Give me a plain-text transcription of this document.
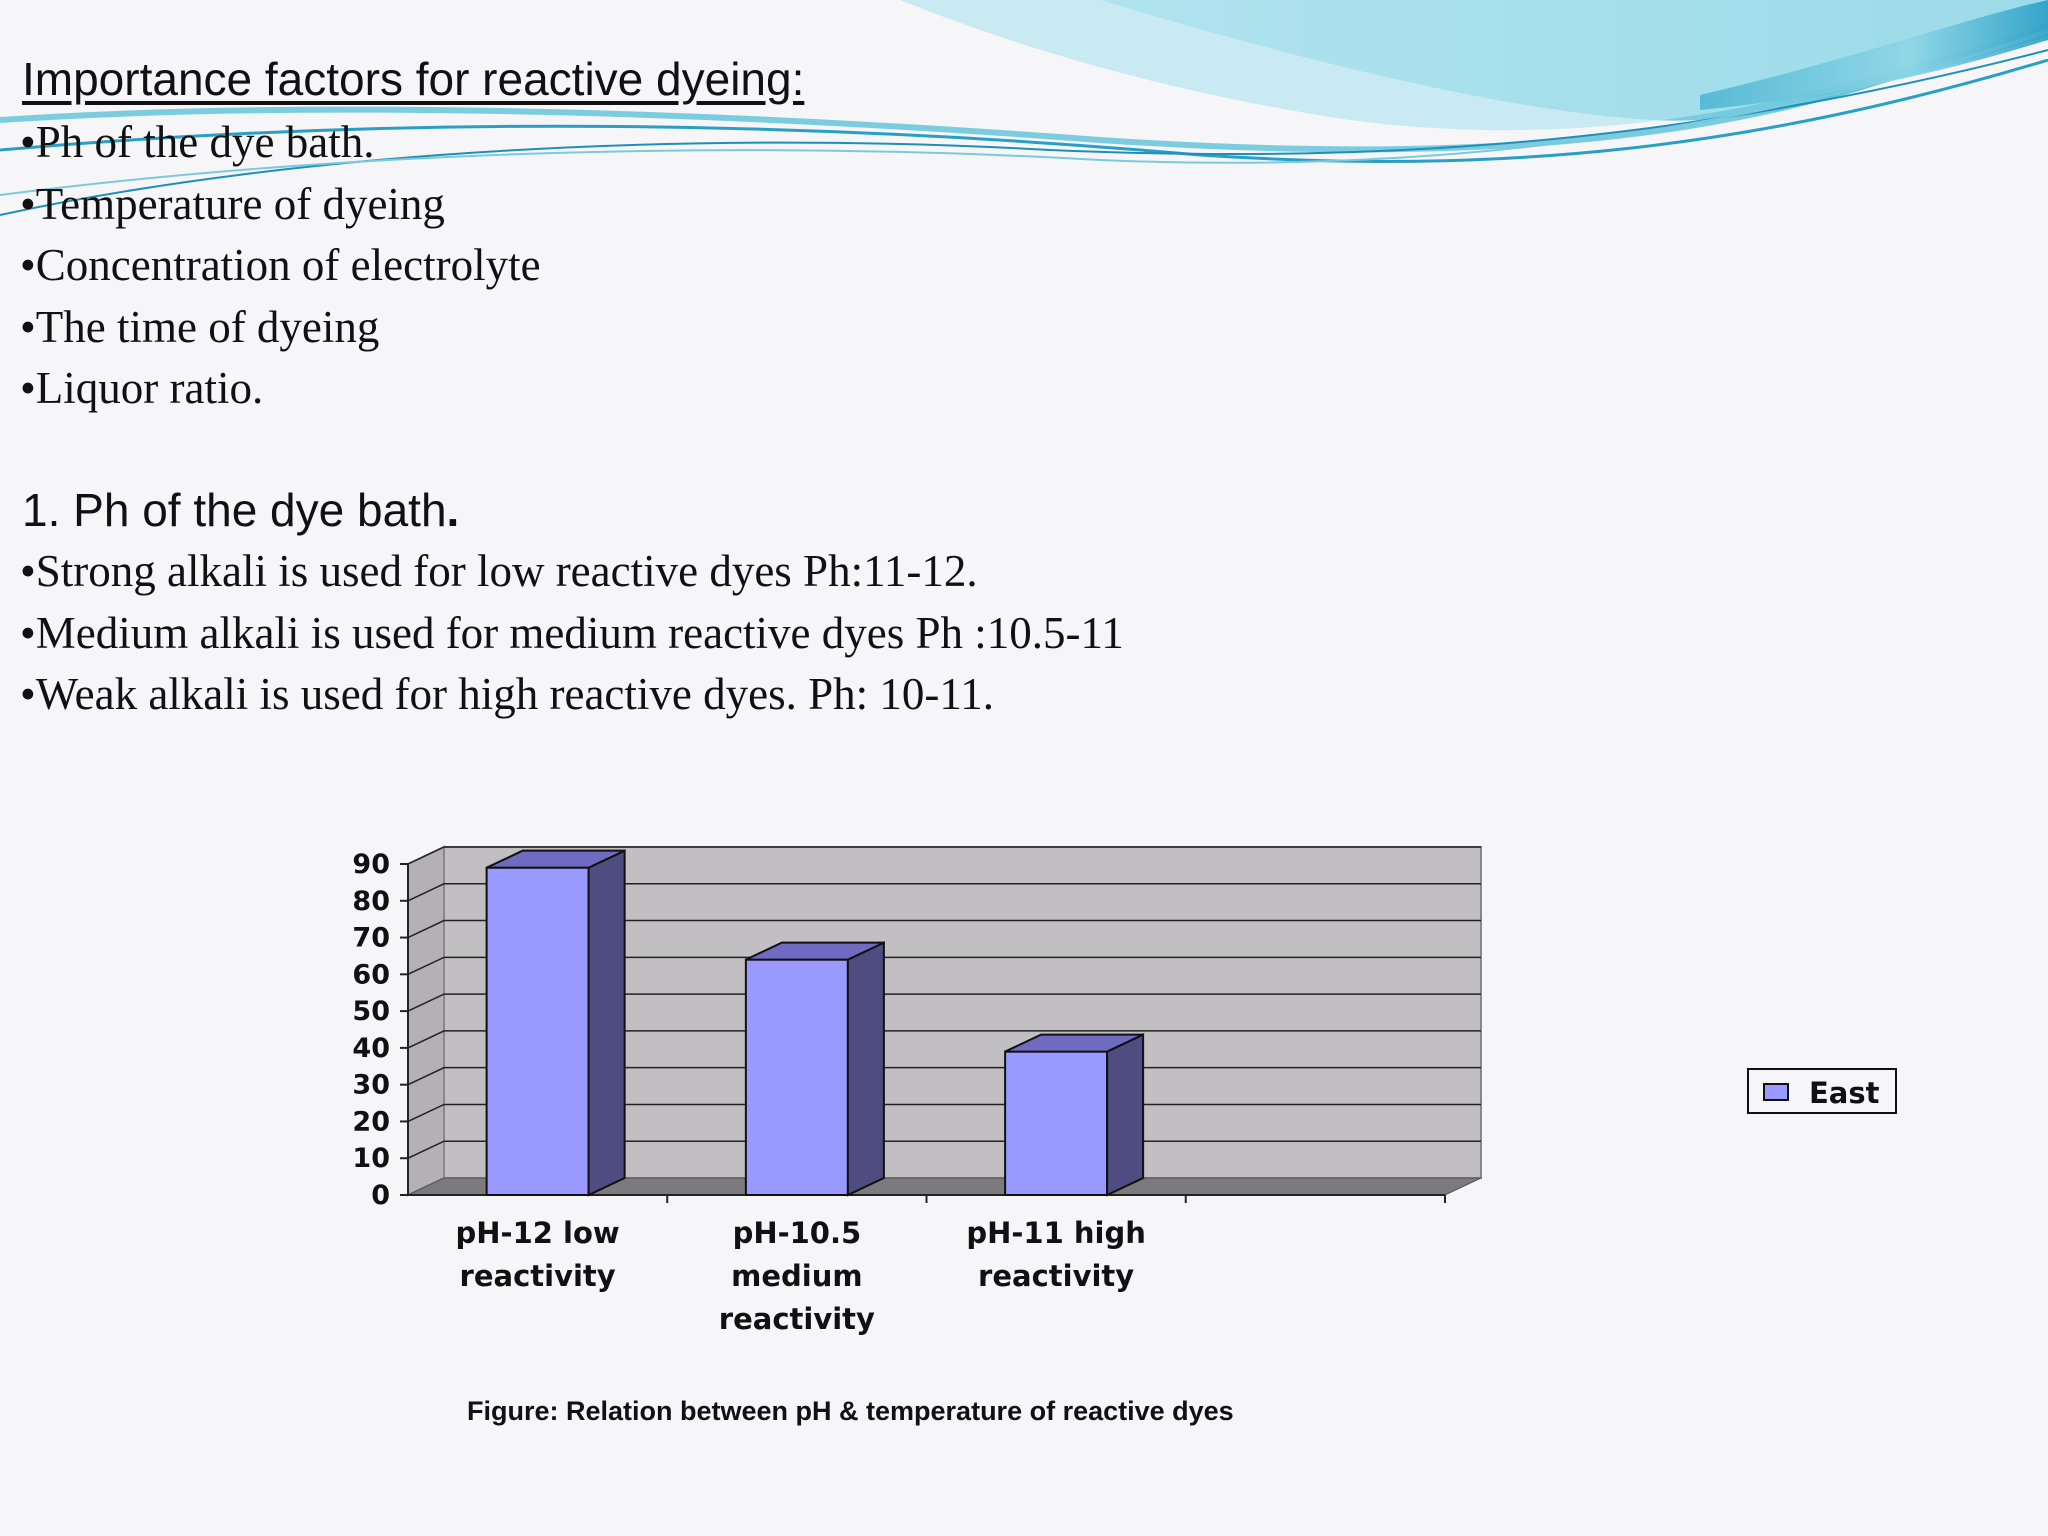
Importance factors for reactive dyeing:
•Ph of the dye bath.
•Temperature of dyeing
•Concentration of electrolyte
•The time of dyeing
•Liquor ratio.
1. Ph of the dye bath.
•Strong alkali is used for low reactive dyes Ph:11-12.
•Medium alkali is used for medium reactive dyes Ph :10.5-11
•Weak alkali is used for high reactive dyes. Ph: 10-11.
0
10
20
30
40
50
60
70
80
90
pH-12 low
reactivity
pH-10.5
medium
reactivity
pH-11 high
reactivity
East
Figure: Relation between pH & temperature of reactive dyes
